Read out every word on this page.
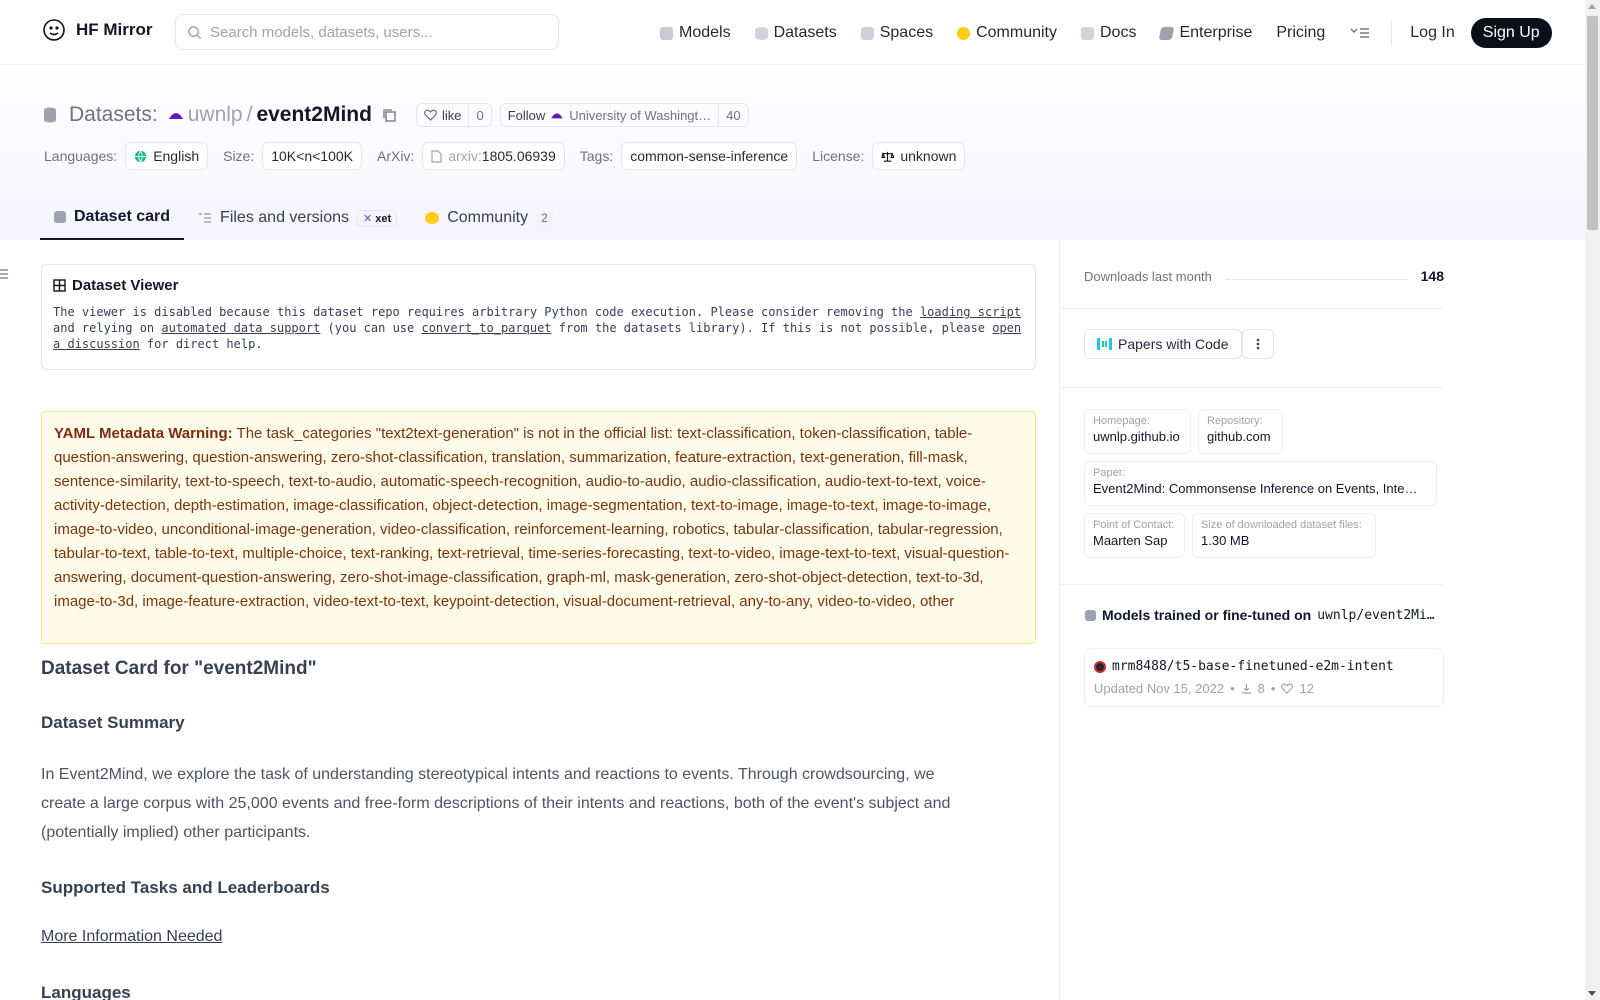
HF Mirror	Search models, datasets, users...	Models	Datasets	Spaces	Community	Docs	Enterprise Pricing	Log In	Sign Up
Datasets: uwnlp / event2Mind	like	0	Follow University of Washingt…	40
Languages:	English Size:	10K<n<100K	ArXiv: arxiv:1805.06939 Tags:	common-sense-inference	License:	unknown
Dataset card	Files and versions	✕ xet	Community	2
Dataset Viewer
The viewer is disabled because this dataset repo requires arbitrary Python code execution. Please consider removing the loading script and relying on automated data support (you can use convert_to_parquet from the datasets library). If this is not possible, please open a discussion for direct help.
YAML Metadata Warning: The task_categories "text2text-generation" is not in the official list: text-classification, token-classification, table-question-answering, question-answering, zero-shot-classification, translation, summarization, feature-extraction, text-generation, fill-mask, sentence-similarity, text-to-speech, text-to-audio, automatic-speech-recognition, audio-to-audio, audio-classification, audio-text-to-text, voice-activity-detection, depth-estimation, image-classification, object-detection, image-segmentation, text-to-image, image-to-text, image-to-image, image-to-video, unconditional-image-generation, video-classification, reinforcement-learning, robotics, tabular-classification, tabular-regression, tabular-to-text, table-to-text, multiple-choice, text-ranking, text-retrieval, time-series-forecasting, text-to-video, image-text-to-text, visual-question-answering, document-question-answering, zero-shot-image-classification, graph-ml, mask-generation, zero-shot-object-detection, text-to-3d, image-to-3d, image-feature-extraction, video-text-to-text, keypoint-detection, visual-document-retrieval, any-to-any, video-to-video, other
Dataset Card for "event2Mind"
Dataset Summary
In Event2Mind, we explore the task of understanding stereotypical intents and reactions to events. Through crowdsourcing, we create a large corpus with 25,000 events and free-form descriptions of their intents and reactions, both of the event's subject and (potentially implied) other participants.
Supported Tasks and Leaderboards
More Information Needed
Languages
Downloads last month	148
Papers with Code
Homepage:
uwnlp.github.io
Repository:
github.com
Paper:
Event2Mind: Commonsense Inference on Events, Inte…
Point of Contact:
Maarten Sap
Size of downloaded dataset files:
1.30 MB
Models trained or fine-tuned on uwnlp/event2Mi…
mrm8488/t5-base-finetuned-e2m-intent
Updated Nov 15, 2022 • 8 • 12
